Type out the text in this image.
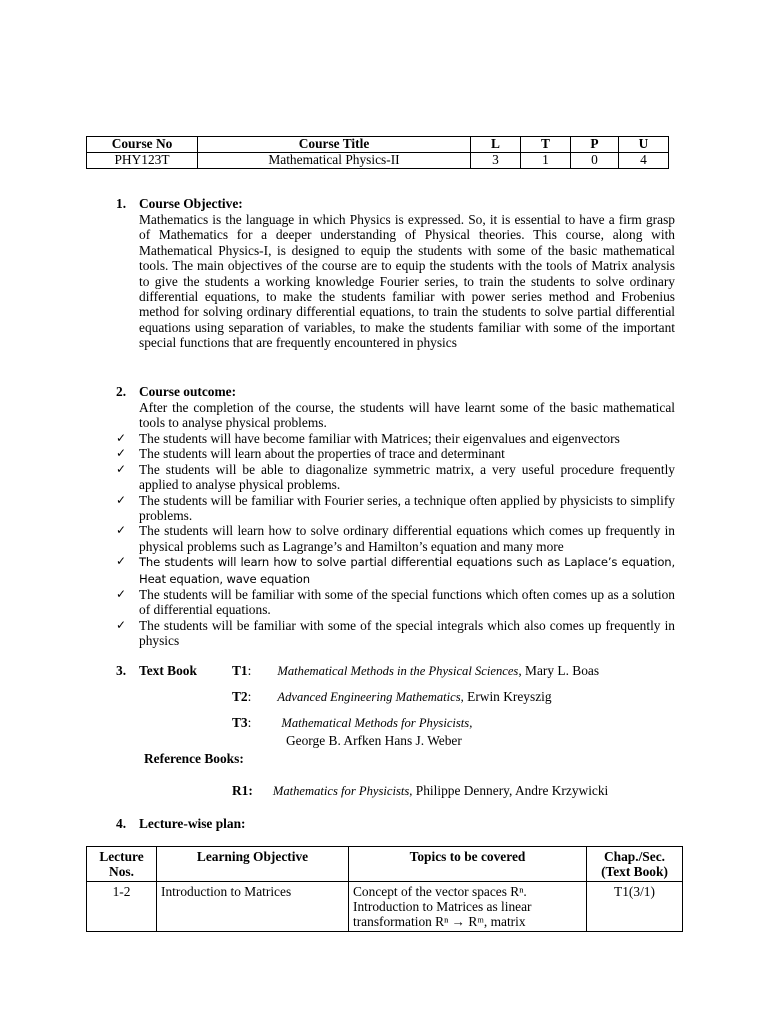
Course No	Course Title	L	T	P	U
PHY123T	Mathematical Physics-II	3	1	0	4
1. Course Objective:
Mathematics is the language in which Physics is expressed. So, it is essential to have a firm grasp of Mathematics for a deeper understanding of Physical theories. This course, along with Mathematical Physics-I, is designed to equip the students with some of the basic mathematical tools. The main objectives of the course are to equip the students with the tools of Matrix analysis to give the students a working knowledge Fourier series, to train the students to solve ordinary differential equations, to make the students familiar with power series method and Frobenius method for solving ordinary differential equations, to train the students to solve partial differential equations using separation of variables, to make the students familiar with some of the important special functions that are frequently encountered in physics
2. Course outcome:
After the completion of the course, the students will have learnt some of the basic mathematical tools to analyse physical problems.
✓ The students will have become familiar with Matrices; their eigenvalues and eigenvectors
✓ The students will learn about the properties of trace and determinant
✓ The students will be able to diagonalize symmetric matrix, a very useful procedure frequently applied to analyse physical problems.
✓ The students will be familiar with Fourier series, a technique often applied by physicists to simplify problems.
✓ The students will learn how to solve ordinary differential equations which comes up frequently in physical problems such as Lagrange’s and Hamilton’s equation and many more
✓ The students will learn how to solve partial differential equations such as Laplace’s equation, Heat equation, wave equation
✓ The students will be familiar with some of the special functions which often comes up as a solution of differential equations.
✓ The students will be familiar with some of the special integrals which also comes up frequently in physics
3. Text Book	T1: Mathematical Methods in the Physical Sciences, Mary L. Boas
T2: Advanced Engineering Mathematics, Erwin Kreyszig
T3: Mathematical Methods for Physicists,
George B. Arfken Hans J. Weber
Reference Books:
R1: Mathematics for Physicists, Philippe Dennery, Andre Krzywicki
4. Lecture-wise plan:
Lecture Nos.	Learning Objective	Topics to be covered	Chap./Sec. (Text Book)
1-2	Introduction to Matrices	Concept of the vector spaces Rⁿ. Introduction to Matrices as linear transformation Rⁿ → Rᵐ, matrix	T1(3/1)
